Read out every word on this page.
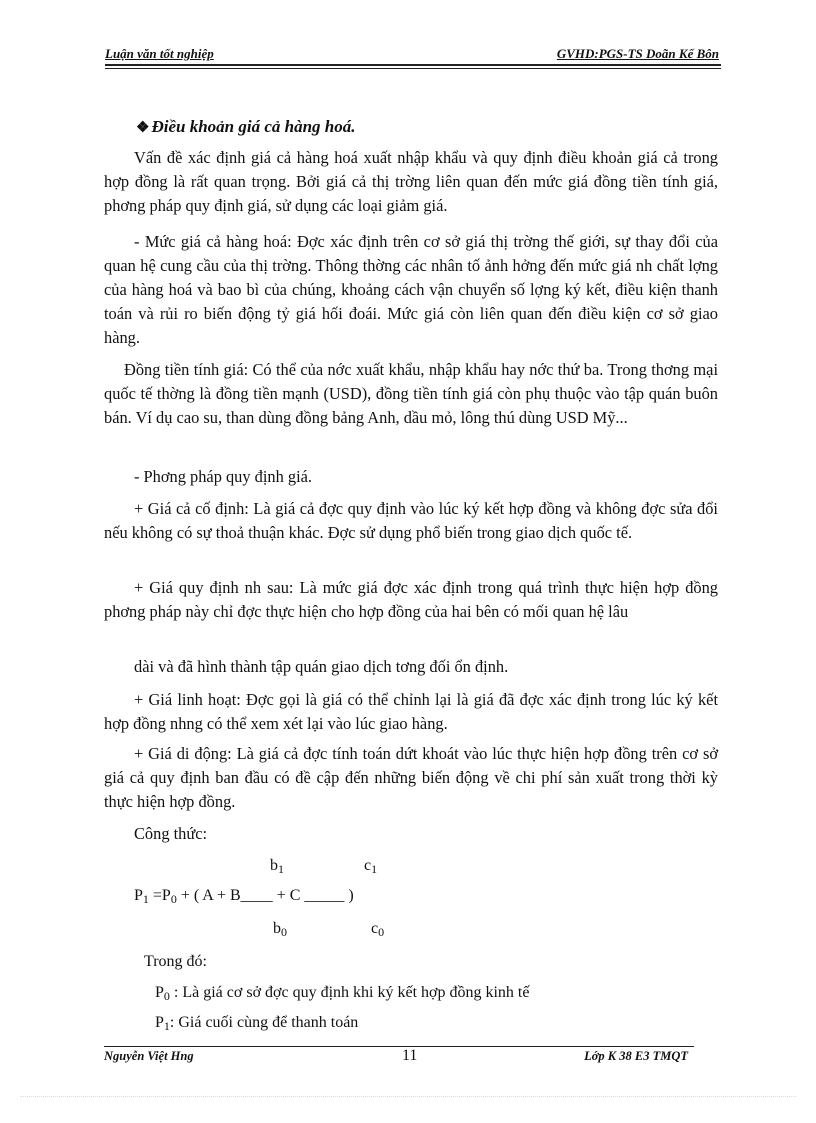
Luận văn tốt nghiệp	GVHD:PGS-TS Doãn Kế Bôn
❖ Điều khoản giá cả hàng hoá.
Vấn đề xác định giá cả hàng hoá xuất nhập khẩu và quy định điều khoản giá cả trong hợp đồng là rất quan trọng. Bởi giá cả thị trờng liên quan đến mức giá đồng tiền tính giá, phơng pháp quy định giá, sử dụng các loại giảm giá.
- Mức giá cả hàng hoá: Đợc xác định trên cơ sở giá thị trờng thế giới, sự thay đổi của quan hệ cung cầu của thị trờng. Thông thờng các nhân tố ảnh hởng đến mức giá nh chất lợng của hàng hoá và bao bì của chúng, khoảng cách vận chuyển số lợng ký kết, điều kiện thanh toán và rủi ro biến động tỷ giá hối đoái. Mức giá còn liên quan đến điều kiện cơ sở giao hàng.
Đồng tiền tính giá: Có thể của nớc xuất khẩu, nhập khẩu hay nớc thứ ba. Trong thơng mại quốc tế thờng là đồng tiền mạnh (USD), đồng tiền tính giá còn phụ thuộc vào tập quán buôn bán. Ví dụ cao su, than dùng đồng bảng Anh, dầu mỏ, lông thú dùng USD Mỹ...
- Phơng pháp quy định giá.
+ Giá cả cố định: Là giá cả đợc quy định vào lúc ký kết hợp đồng và không đợc sửa đổi nếu không có sự thoả thuận khác. Đợc sử dụng phổ biến trong giao dịch quốc tế.
+ Giá quy định nh sau: Là mức giá đợc xác định trong quá trình thực hiện hợp đồng phơng pháp này chỉ đợc thực hiện cho hợp đồng của hai bên có mối quan hệ lâu
dài và đã hình thành tập quán giao dịch tơng đối ổn định.
+ Giá linh hoạt: Đợc gọi là giá có thể chỉnh lại là giá đã đợc xác định trong lúc ký kết hợp đồng nhng có thể xem xét lại vào lúc giao hàng.
+ Giá di động: Là giá cả đợc tính toán dứt khoát vào lúc thực hiện hợp đồng trên cơ sở giá cả quy định ban đầu có đề cập đến những biến động về chi phí sản xuất trong thời kỳ thực hiện hợp đồng.
Công thức:
b1	c1
P1 =P0 + ( A + B____ + C _____ )
b0	c0
Trong đó:
P0 : Là giá cơ sở đợc quy định khi ký kết hợp đồng kinh tế
P1: Giá cuối cùng để thanh toán
Nguyễn Việt Hng	11	Lớp K 38 E3 TMQT
